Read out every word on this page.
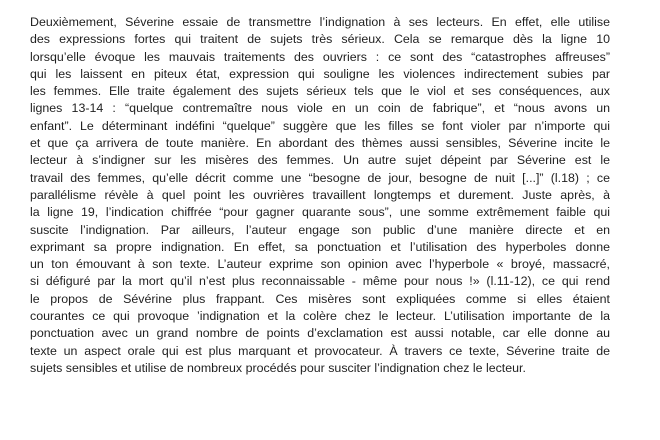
Deuxièmement, Séverine essaie de transmettre l’indignation à ses lecteurs. En effet, elle utilise
des expressions fortes qui traitent de sujets très sérieux. Cela se remarque dès la ligne 10
lorsqu’elle évoque les mauvais traitements des ouvriers : ce sont des “catastrophes affreuses”
qui les laissent en piteux état, expression qui souligne les violences indirectement subies par
les femmes. Elle traite également des sujets sérieux tels que le viol et ses conséquences, aux
lignes 13-14 : “quelque contremaître nous viole en un coin de fabrique”, et “nous avons un
enfant”. Le déterminant indéfini “quelque” suggère que les filles se font violer par n’importe qui
et que ça arrivera de toute manière. En abordant des thèmes aussi sensibles, Séverine incite le
lecteur à s’indigner sur les misères des femmes. Un autre sujet dépeint par Séverine est le
travail des femmes, qu’elle décrit comme une “besogne de jour, besogne de nuit [...]” (l.18) ; ce
parallélisme révèle à quel point les ouvrières travaillent longtemps et durement. Juste après, à
la ligne 19, l’indication chiffrée “pour gagner quarante sous”, une somme extrêmement faible qui
suscite l’indignation. Par ailleurs, l’auteur engage son public d’une manière directe et en
exprimant sa propre indignation. En effet, sa ponctuation et l’utilisation des hyperboles donne
un ton émouvant à son texte. L’auteur exprime son opinion avec l’hyperbole « broyé, massacré,
si défiguré par la mort qu’il n’est plus reconnaissable - même pour nous !» (l.11-12), ce qui rend
le propos de Sévérine plus frappant. Ces misères sont expliquées comme si elles étaient
courantes ce qui provoque ’indignation et la colère chez le lecteur. L’utilisation importante de la
ponctuation avec un grand nombre de points d’exclamation est aussi notable, car elle donne au
texte un aspect orale qui est plus marquant et provocateur. À travers ce texte, Séverine traite de
sujets sensibles et utilise de nombreux procédés pour susciter l’indignation chez le lecteur.
